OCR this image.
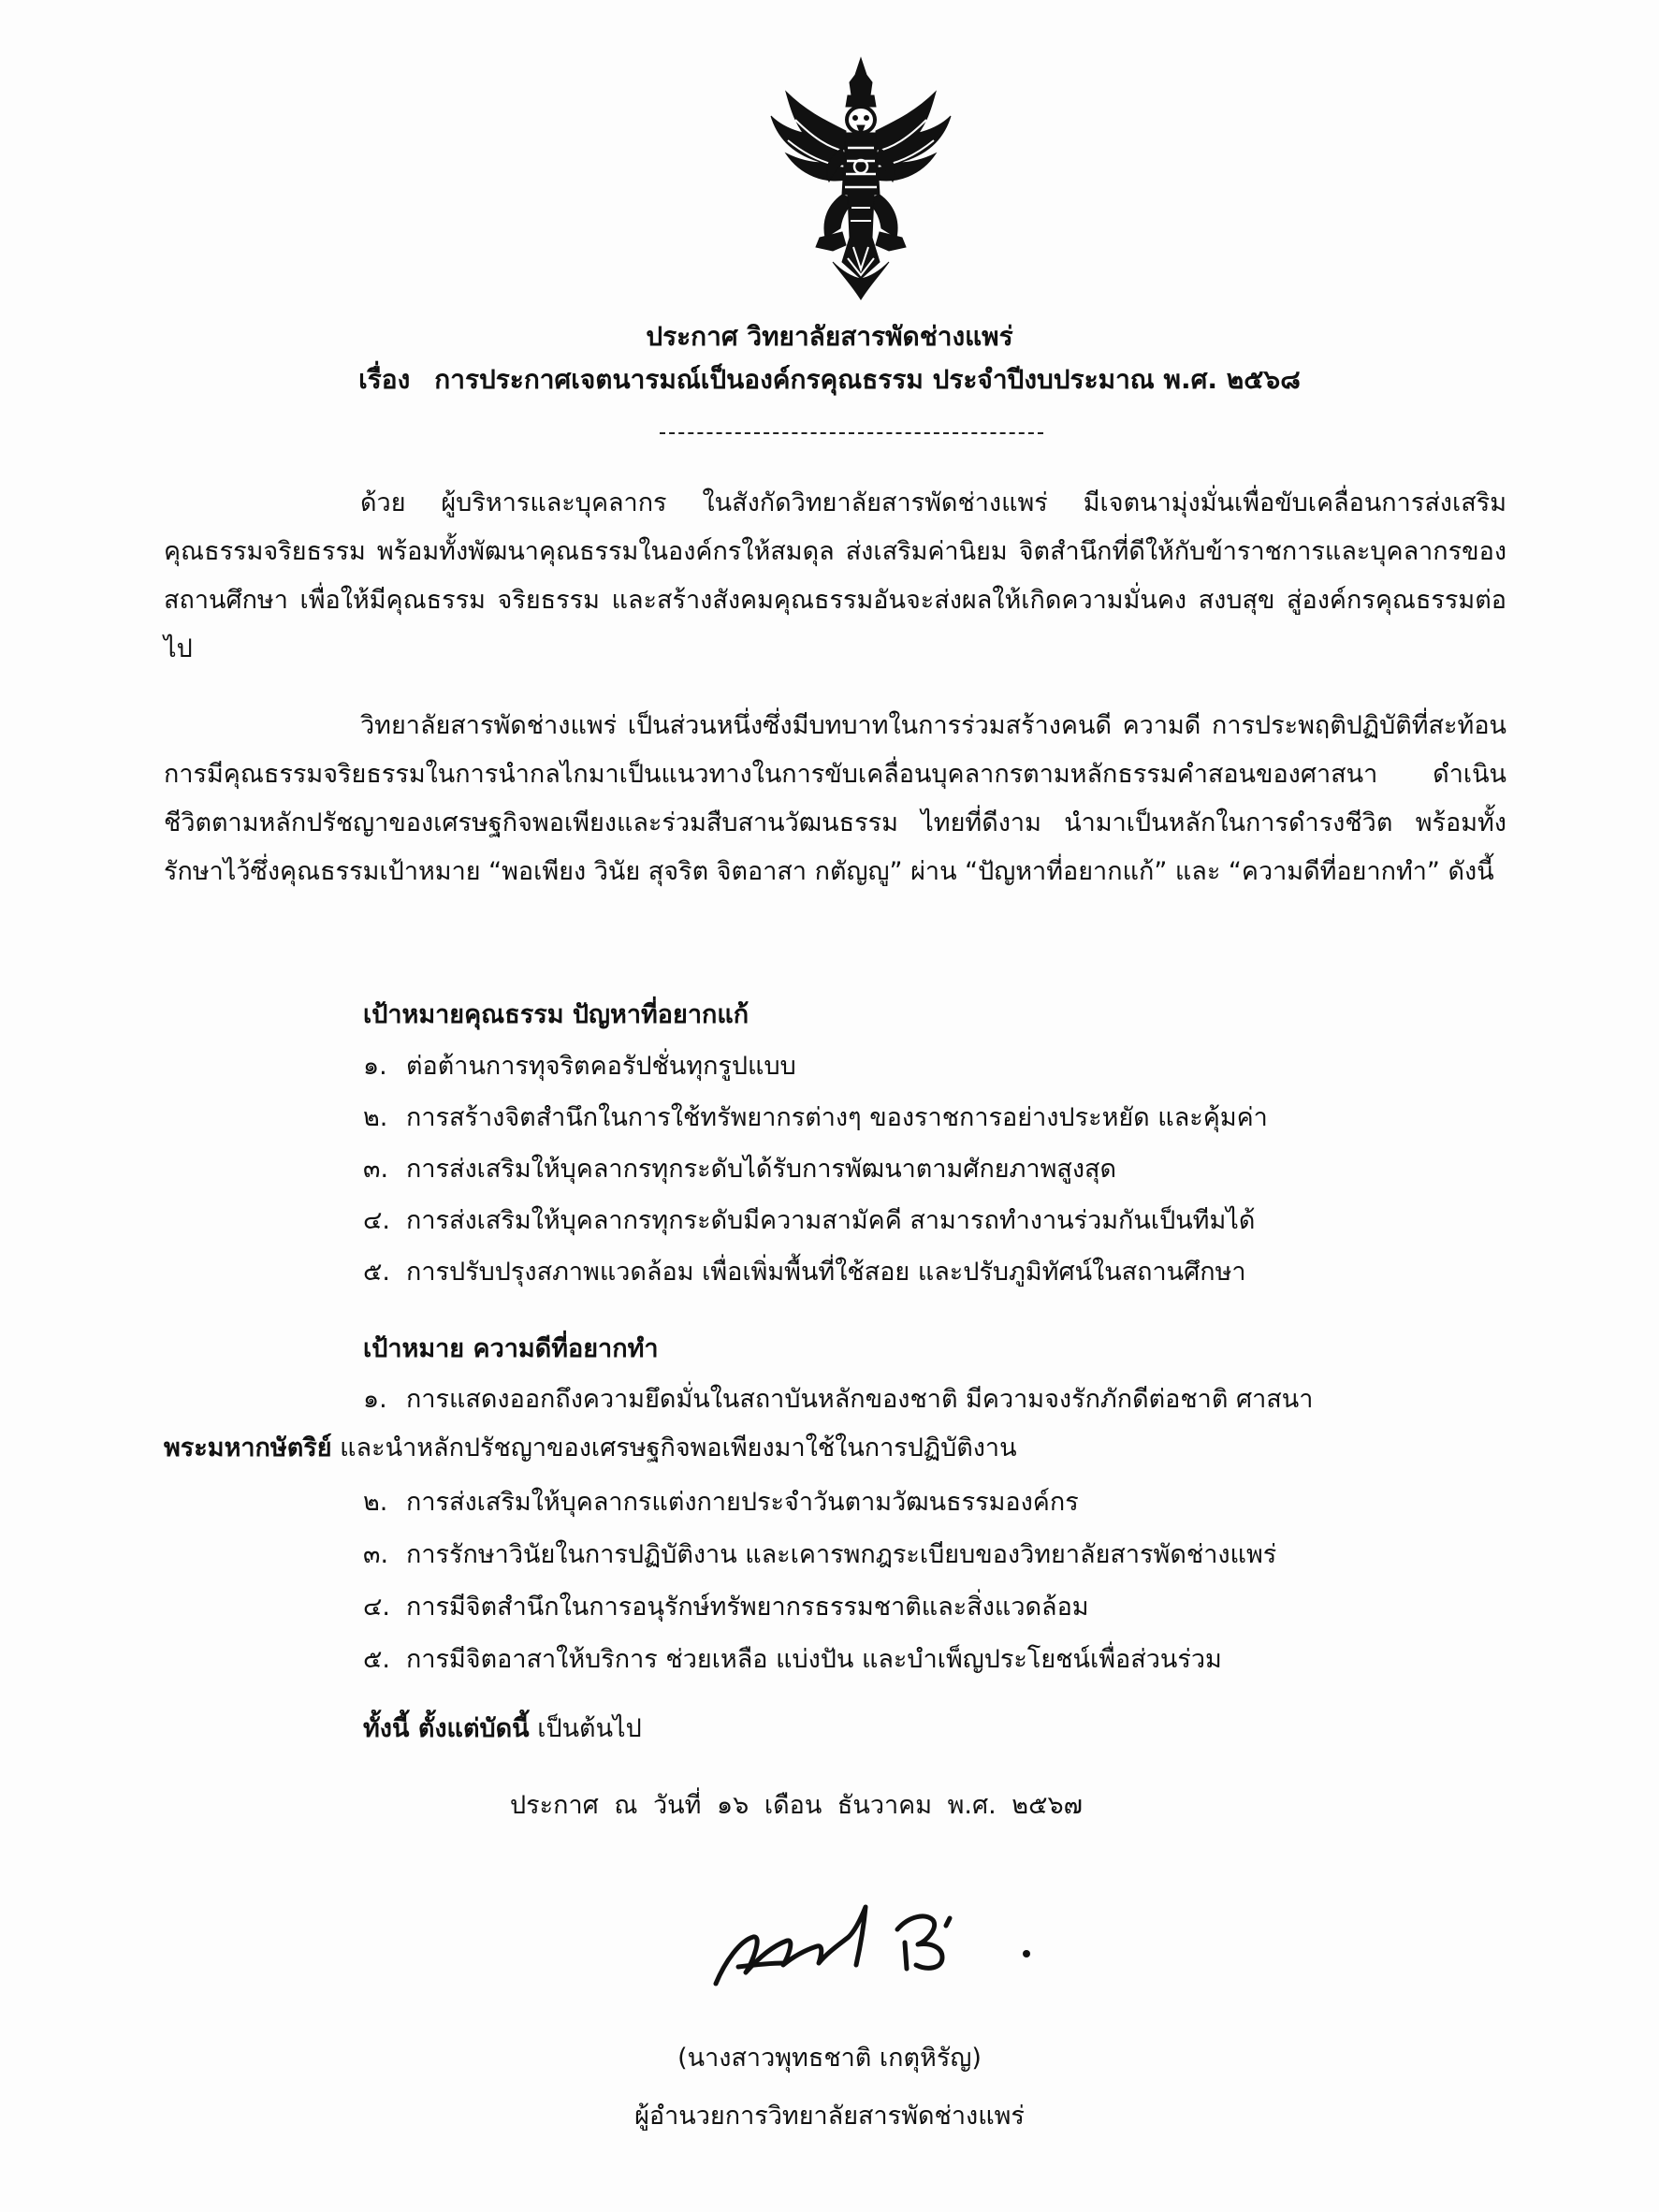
ประกาศ วิทยาลัยสารพัดช่างแพร่
เรื่อง การประกาศเจตนารมณ์เป็นองค์กรคุณธรรม ประจำปีงบประมาณ พ.ศ. ๒๕๖๘
ด้วย ผู้บริหารและบุคลากร ในสังกัดวิทยาลัยสารพัดช่างแพร่ มีเจตนามุ่งมั่นเพื่อขับเคลื่อนการส่งเสริมคุณธรรมจริยธรรม พร้อมทั้งพัฒนาคุณธรรมในองค์กรให้สมดุล ส่งเสริมค่านิยม จิตสำนึกที่ดีให้กับข้าราชการและบุคลากรของสถานศึกษา เพื่อให้มีคุณธรรม จริยธรรม และสร้างสังคมคุณธรรมอันจะส่งผลให้เกิดความมั่นคง สงบสุข สู่องค์กรคุณธรรมต่อไป
วิทยาลัยสารพัดช่างแพร่ เป็นส่วนหนึ่งซึ่งมีบทบาทในการร่วมสร้างคนดี ความดี การประพฤติปฏิบัติที่สะท้อนการมีคุณธรรมจริยธรรมในการนำกลไกมาเป็นแนวทางในการขับเคลื่อนบุคลากรตามหลักธรรมคำสอนของศาสนา ดำเนินชีวิตตามหลักปรัชญาของเศรษฐกิจพอเพียงและร่วมสืบสานวัฒนธรรม ไทยที่ดีงาม นำมาเป็นหลักในการดำรงชีวิต พร้อมทั้งรักษาไว้ซึ่งคุณธรรมเป้าหมาย “พอเพียง วินัย สุจริต จิตอาสา กตัญญู” ผ่าน “ปัญหาที่อยากแก้” และ “ความดีที่อยากทำ” ดังนี้
เป้าหมายคุณธรรม ปัญหาที่อยากแก้
๑. ต่อต้านการทุจริตคอรัปชั่นทุกรูปแบบ
๒. การสร้างจิตสำนึกในการใช้ทรัพยากรต่างๆ ของราชการอย่างประหยัด และคุ้มค่า
๓. การส่งเสริมให้บุคลากรทุกระดับได้รับการพัฒนาตามศักยภาพสูงสุด
๔. การส่งเสริมให้บุคลากรทุกระดับมีความสามัคคี สามารถทำงานร่วมกันเป็นทีมได้
๕. การปรับปรุงสภาพแวดล้อม เพื่อเพิ่มพื้นที่ใช้สอย และปรับภูมิทัศน์ในสถานศึกษา
เป้าหมาย ความดีที่อยากทำ
๑. การแสดงออกถึงความยึดมั่นในสถาบันหลักของชาติ มีความจงรักภักดีต่อชาติ ศาสนา
พระมหากษัตริย์ และนำหลักปรัชญาของเศรษฐกิจพอเพียงมาใช้ในการปฏิบัติงาน
๒. การส่งเสริมให้บุคลากรแต่งกายประจำวันตามวัฒนธรรมองค์กร
๓. การรักษาวินัยในการปฏิบัติงาน และเคารพกฎระเบียบของวิทยาลัยสารพัดช่างแพร่
๔. การมีจิตสำนึกในการอนุรักษ์ทรัพยากรธรรมชาติและสิ่งแวดล้อม
๕. การมีจิตอาสาให้บริการ ช่วยเหลือ แบ่งปัน และบำเพ็ญประโยชน์เพื่อส่วนร่วม
ทั้งนี้ ตั้งแต่บัดนี้ เป็นต้นไป
ประกาศ ณ วันที่ ๑๖ เดือน ธันวาคม พ.ศ. ๒๕๖๗
(นางสาวพุทธชาติ เกตุหิรัญ)
ผู้อำนวยการวิทยาลัยสารพัดช่างแพร่
